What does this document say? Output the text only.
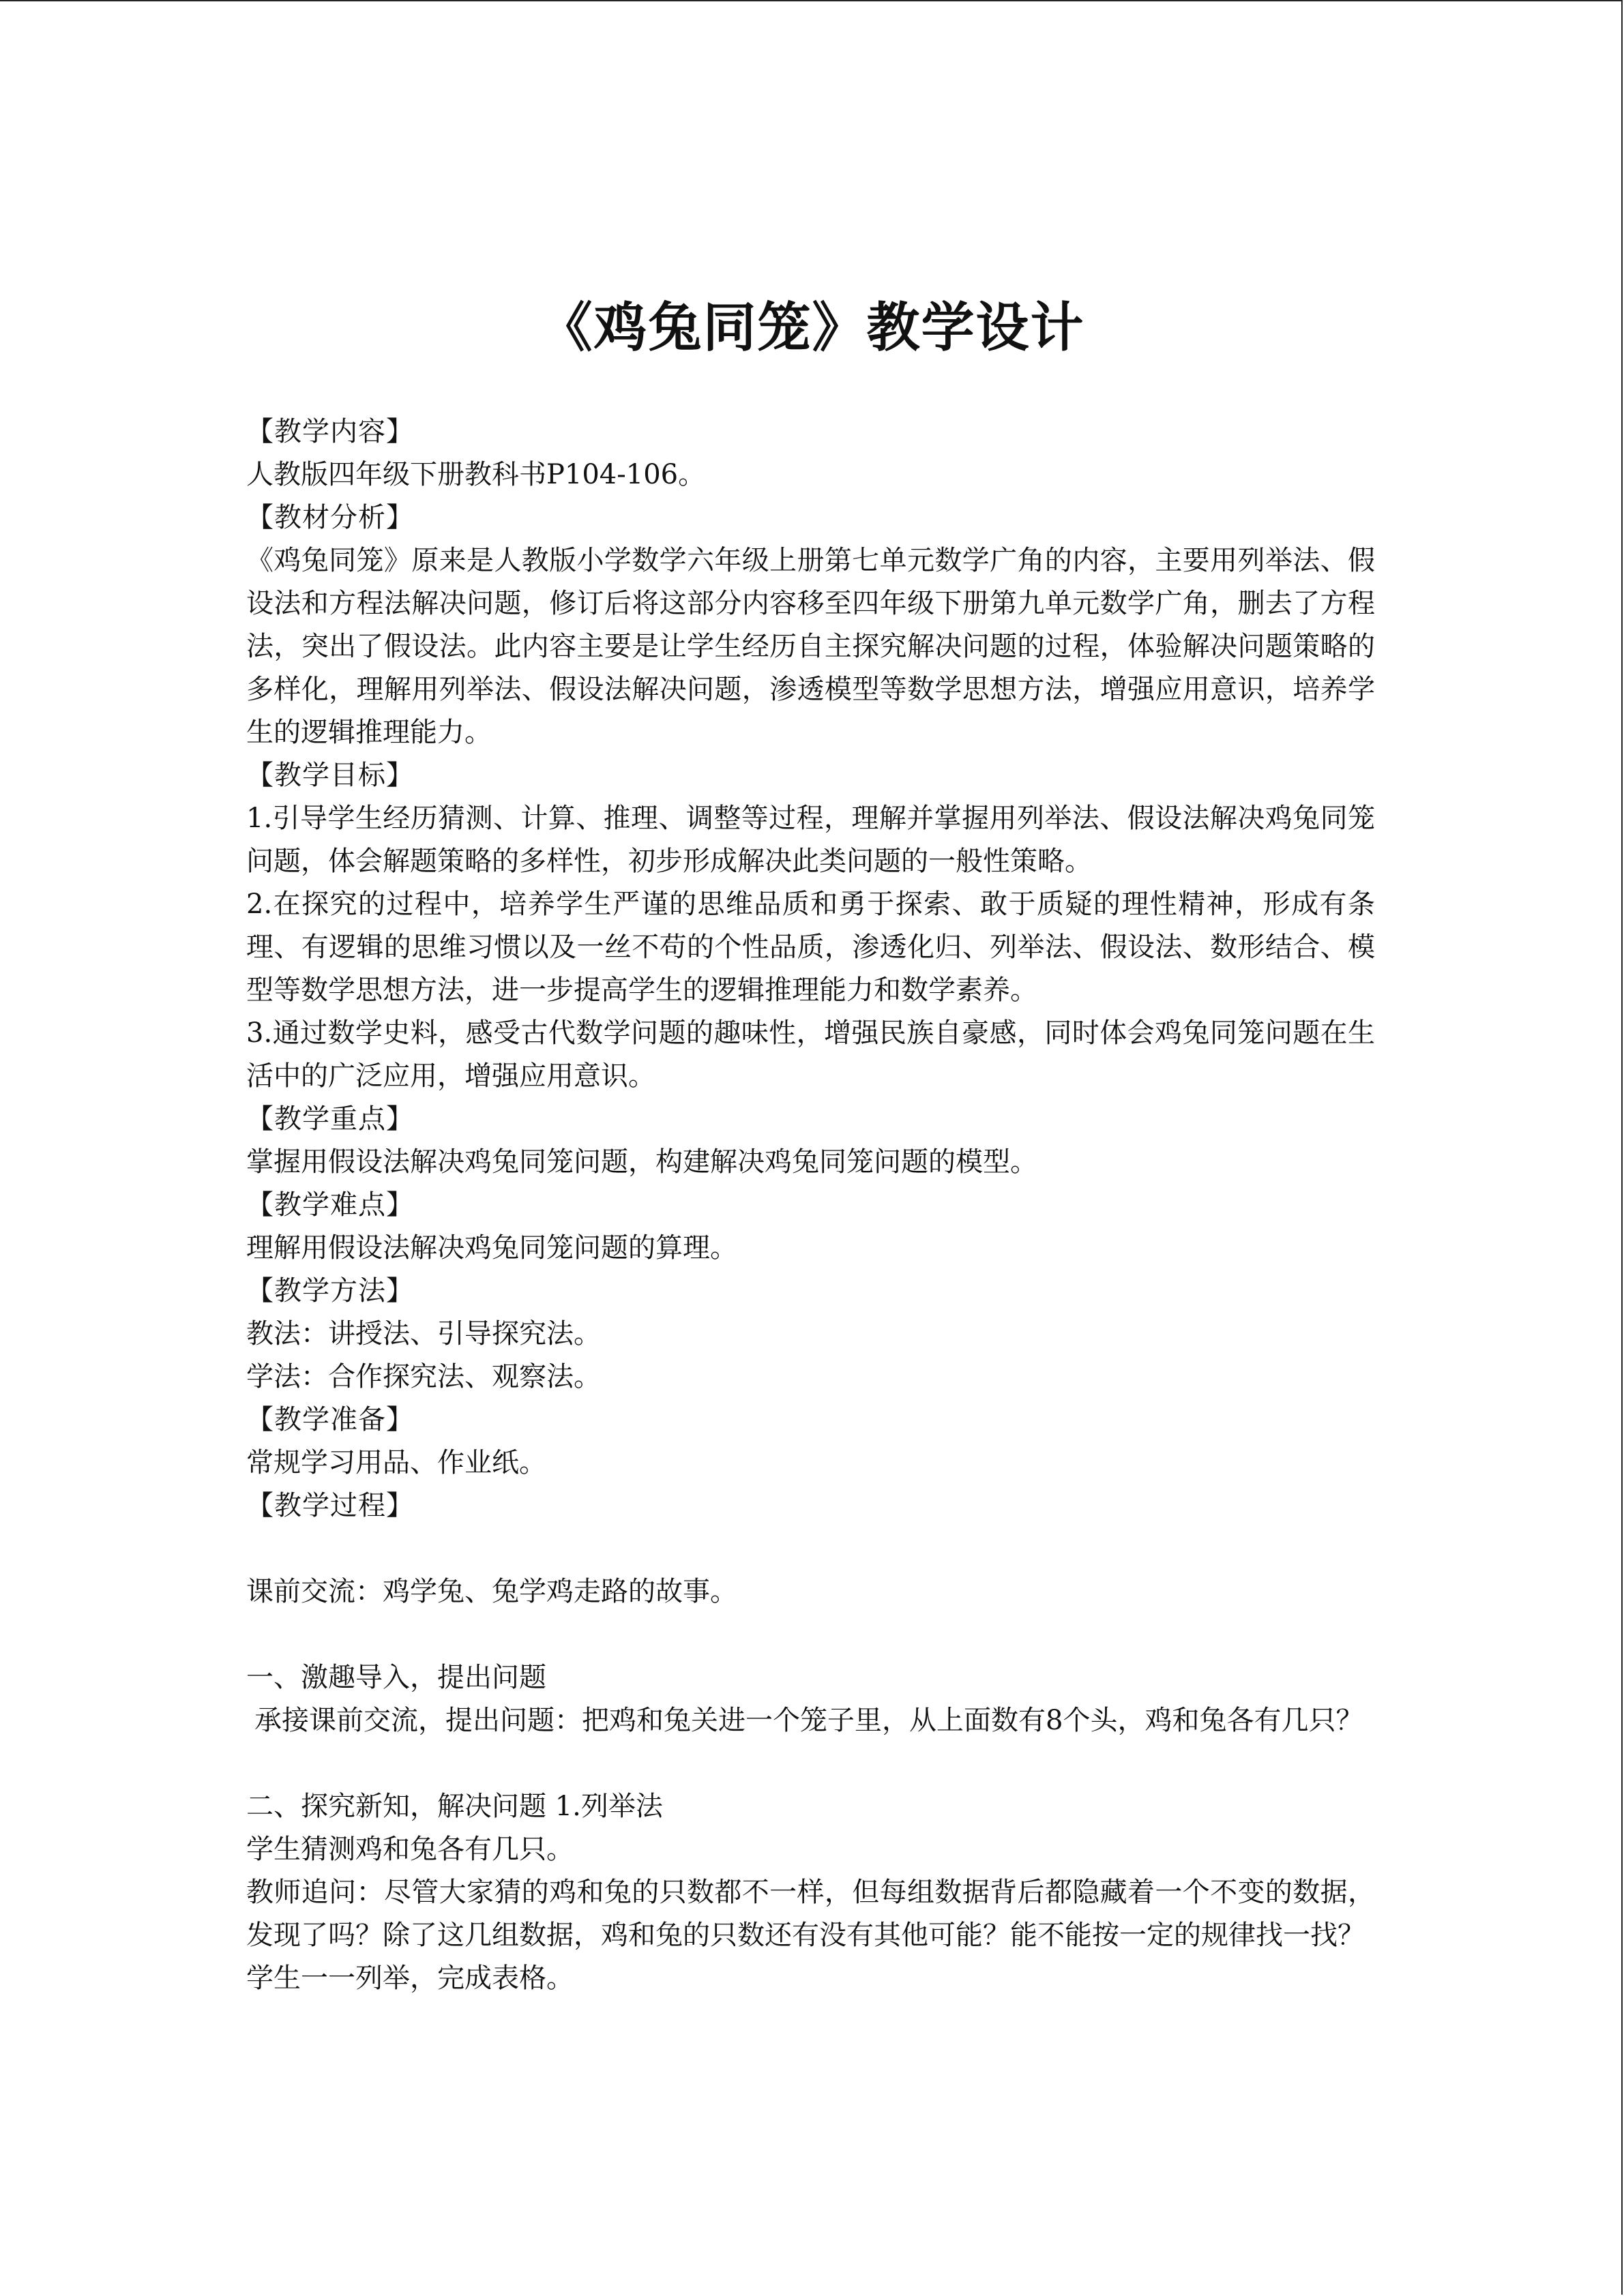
《鸡兔同笼》教学设计

【教学内容】

人教版四年级下册教科书P104-106。

【教材分析】

《鸡兔同笼》原来是人教版小学数学六年级上册第七单元数学广角的内容，主要用列举法、假设法和方程法解决问题，修订后将这部分内容移至四年级下册第九单元数学广角，删去了方程法，突出了假设法。此内容主要是让学生经历自主探究解决问题的过程，体验解决问题策略的多样化，理解用列举法、假设法解决问题，渗透模型等数学思想方法，增强应用意识，培养学生的逻辑推理能力。

【教学目标】

1.引导学生经历猜测、计算、推理、调整等过程，理解并掌握用列举法、假设法解决鸡兔同笼问题，体会解题策略的多样性，初步形成解决此类问题的一般性策略。

2.在探究的过程中，培养学生严谨的思维品质和勇于探索、敢于质疑的理性精神，形成有条理、有逻辑的思维习惯以及一丝不苟的个性品质，渗透化归、列举法、假设法、数形结合、模型等数学思想方法，进一步提高学生的逻辑推理能力和数学素养。

3.通过数学史料，感受古代数学问题的趣味性，增强民族自豪感，同时体会鸡兔同笼问题在生活中的广泛应用，增强应用意识。

【教学重点】

掌握用假设法解决鸡兔同笼问题，构建解决鸡兔同笼问题的模型。

【教学难点】

理解用假设法解决鸡兔同笼问题的算理。

【教学方法】

教法：讲授法、引导探究法。

学法：合作探究法、观察法。

【教学准备】

常规学习用品、作业纸。

【教学过程】

课前交流：鸡学兔、兔学鸡走路的故事。

一、激趣导入，提出问题

承接课前交流，提出问题：把鸡和兔关进一个笼子里，从上面数有8个头，鸡和兔各有几只？

二、探究新知，解决问题 1.列举法

学生猜测鸡和兔各有几只。

教师追问：尽管大家猜的鸡和兔的只数都不一样，但每组数据背后都隐藏着一个不变的数据，发现了吗？除了这几组数据，鸡和兔的只数还有没有其他可能？能不能按一定的规律找一找？

学生一一列举，完成表格。
